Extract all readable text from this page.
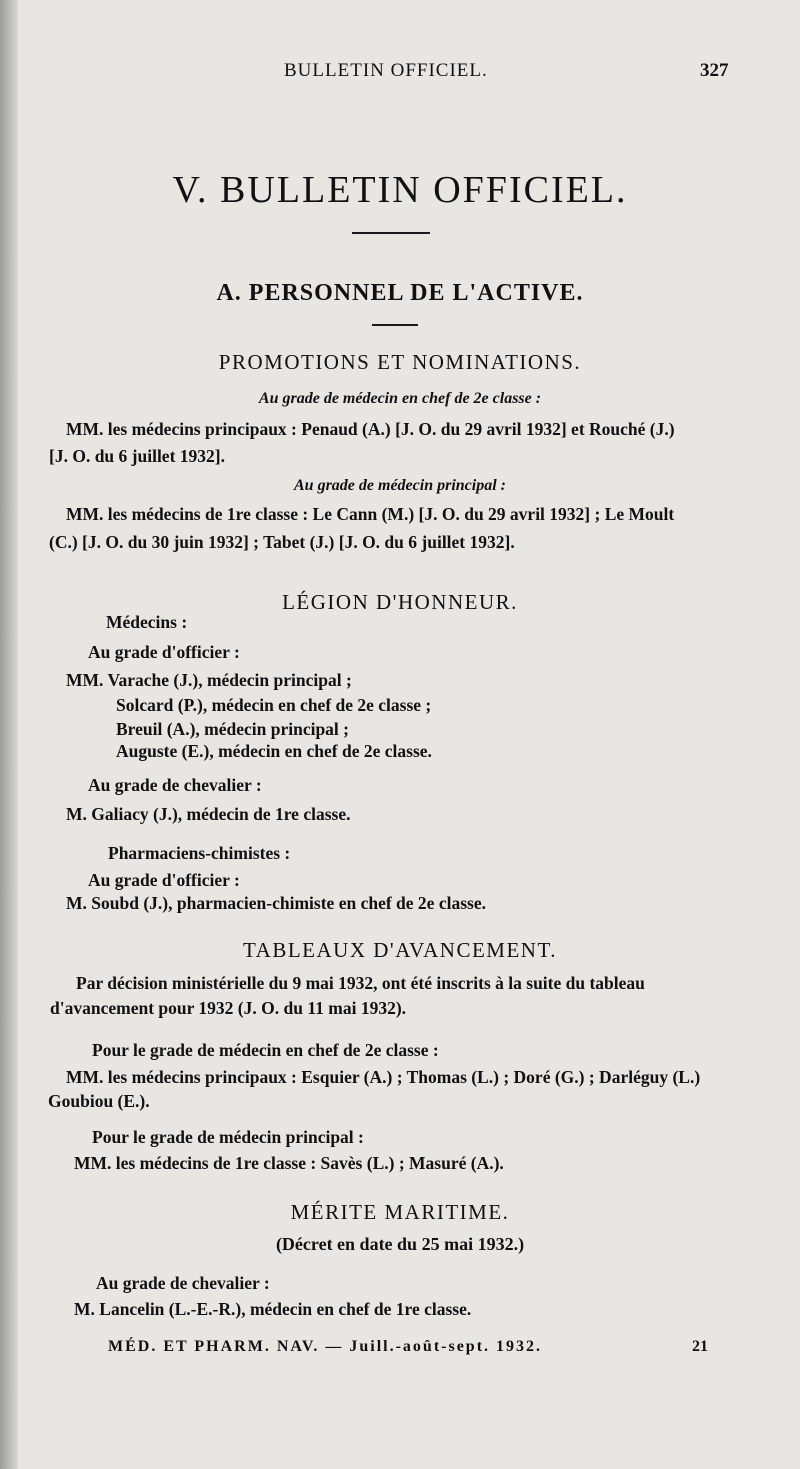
BULLETIN OFFICIEL.	327
V. BULLETIN OFFICIEL.
A. PERSONNEL DE L'ACTIVE.
PROMOTIONS ET NOMINATIONS.
Au grade de médecin en chef de 2e classe :
MM. les médecins principaux : Penaud (A.) [J. O. du 29 avril 1932] et Rouché (J.)
[J. O. du 6 juillet 1932].
Au grade de médecin principal :
MM. les médecins de 1re classe : Le Cann (M.) [J. O. du 29 avril 1932] ; Le Moult
(C.) [J. O. du 30 juin 1932] ; Tabet (J.) [J. O. du 6 juillet 1932].
LÉGION D'HONNEUR.
Médecins :
Au grade d'officier :
MM. Varache (J.), médecin principal ;
Solcard (P.), médecin en chef de 2e classe ;
Breuil (A.), médecin principal ;
Auguste (E.), médecin en chef de 2e classe.
Au grade de chevalier :
M. Galiacy (J.), médecin de 1re classe.
Pharmaciens-chimistes :
Au grade d'officier :
M. Soubd (J.), pharmacien-chimiste en chef de 2e classe.
TABLEAUX D'AVANCEMENT.
Par décision ministérielle du 9 mai 1932, ont été inscrits à la suite du tableau
d'avancement pour 1932 (J. O. du 11 mai 1932).
Pour le grade de médecin en chef de 2e classe :
MM. les médecins principaux : Esquier (A.) ; Thomas (L.) ; Doré (G.) ; Darléguy (L.)
Goubiou (E.).
Pour le grade de médecin principal :
MM. les médecins de 1re classe : Savès (L.) ; Masuré (A.).
MÉRITE MARITIME.
(Décret en date du 25 mai 1932.)
Au grade de chevalier :
M. Lancelin (L.-E.-R.), médecin en chef de 1re classe.
MÉD. ET PHARM. NAV. — Juill.-août-sept. 1932.	21
